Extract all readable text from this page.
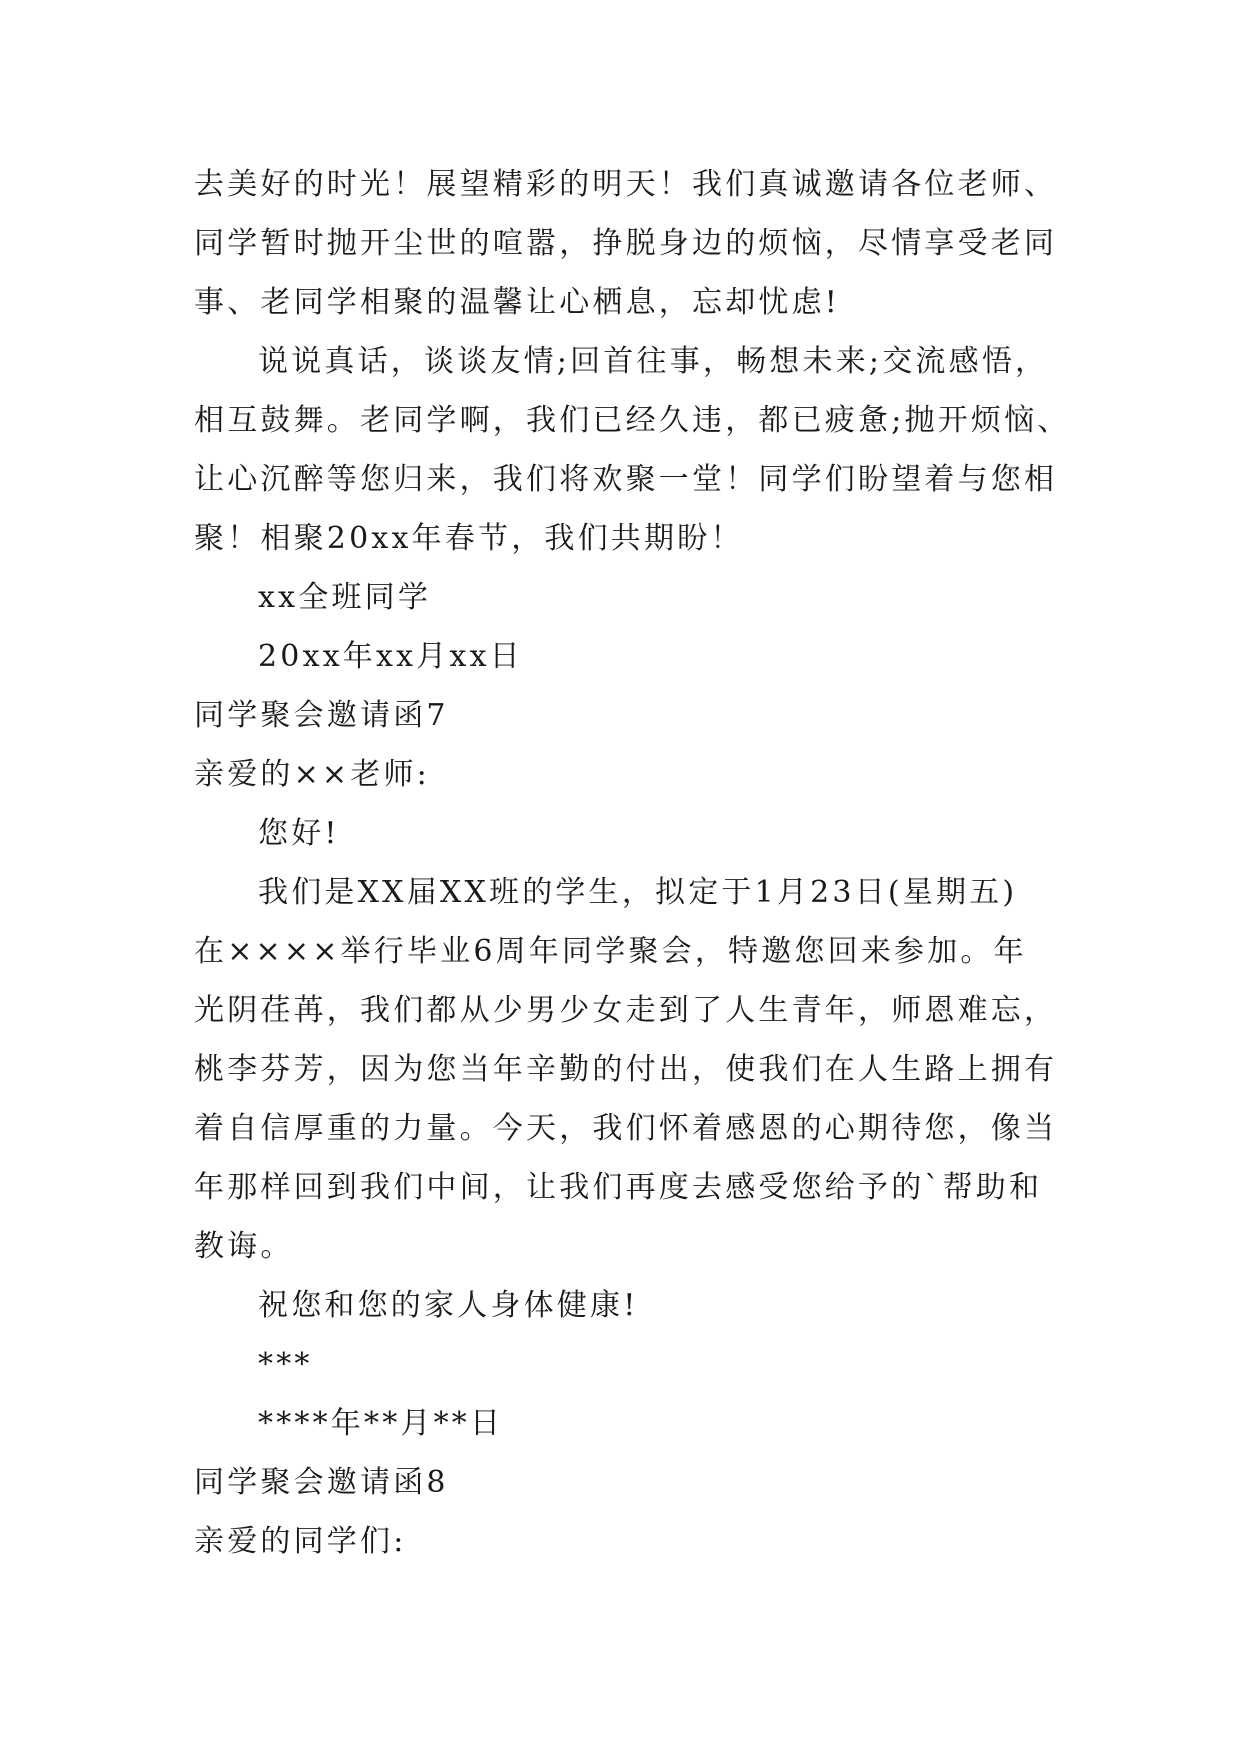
去美好的时光！展望精彩的明天！我们真诚邀请各位老师、
同学暂时抛开尘世的喧嚣，挣脱身边的烦恼，尽情享受老同
事、老同学相聚的温馨让心栖息，忘却忧虑!
说说真话，谈谈友情;回首往事，畅想未来;交流感悟，
相互鼓舞。老同学啊，我们已经久违，都已疲惫;抛开烦恼、
让心沉醉等您归来，我们将欢聚一堂！同学们盼望着与您相
聚！相聚20xx年春节，我们共期盼！
xx全班同学
20xx年xx月xx日
同学聚会邀请函7
亲爱的××老师:
您好!
我们是XX届XX班的学生，拟定于1月23日(星期五)
在××××举行毕业6周年同学聚会，特邀您回来参加。年
光阴荏苒，我们都从少男少女走到了人生青年，师恩难忘，
桃李芬芳，因为您当年辛勤的付出，使我们在人生路上拥有
着自信厚重的力量。今天，我们怀着感恩的心期待您，像当
年那样回到我们中间，让我们再度去感受您给予的`帮助和
教诲。
祝您和您的家人身体健康!
***
****年**月**日
同学聚会邀请函8
亲爱的同学们:
